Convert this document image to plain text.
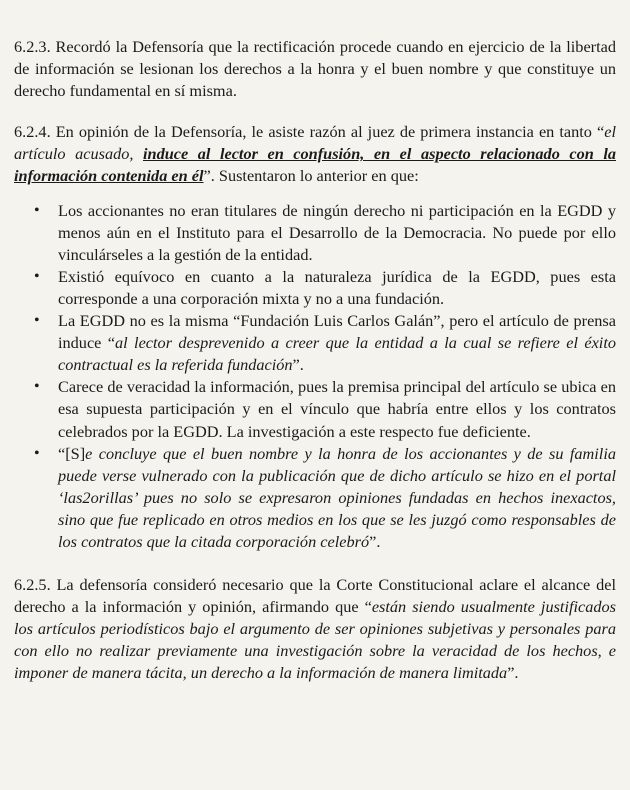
6.2.3. Recordó la Defensoría que la rectificación procede cuando en ejercicio de la libertad de información se lesionan los derechos a la honra y el buen nombre y que constituye un derecho fundamental en sí misma.

6.2.4. En opinión de la Defensoría, le asiste razón al juez de primera instancia en tanto “el artículo acusado, induce al lector en confusión, en el aspecto relacionado con la información contenida en él”. Sustentaron lo anterior en que:

• Los accionantes no eran titulares de ningún derecho ni participación en la EGDD y menos aún en el Instituto para el Desarrollo de la Democracia. No puede por ello vinculárseles a la gestión de la entidad.
• Existió equívoco en cuanto a la naturaleza jurídica de la EGDD, pues esta corresponde a una corporación mixta y no a una fundación.
• La EGDD no es la misma “Fundación Luis Carlos Galán”, pero el artículo de prensa induce “al lector desprevenido a creer que la entidad a la cual se refiere el éxito contractual es la referida fundación”.
• Carece de veracidad la información, pues la premisa principal del artículo se ubica en esa supuesta participación y en el vínculo que habría entre ellos y los contratos celebrados por la EGDD. La investigación a este respecto fue deficiente.
• “[S]e concluye que el buen nombre y la honra de los accionantes y de su familia puede verse vulnerado con la publicación que de dicho artículo se hizo en el portal ‘las2orillas’ pues no solo se expresaron opiniones fundadas en hechos inexactos, sino que fue replicado en otros medios en los que se les juzgó como responsables de los contratos que la citada corporación celebró”.

6.2.5. La defensoría consideró necesario que la Corte Constitucional aclare el alcance del derecho a la información y opinión, afirmando que “están siendo usualmente justificados los artículos periodísticos bajo el argumento de ser opiniones subjetivas y personales para con ello no realizar previamente una investigación sobre la veracidad de los hechos, e imponer de manera tácita, un derecho a la información de manera limitada”.
